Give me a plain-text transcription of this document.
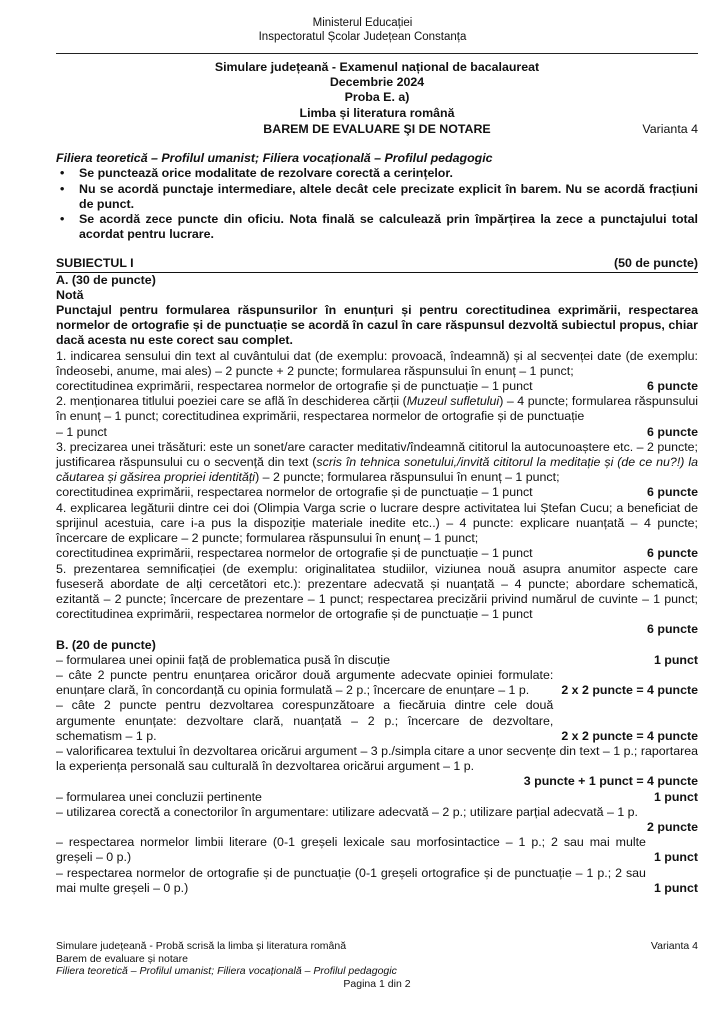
Ministerul Educației
Inspectoratul Școlar Județean Constanța
Simulare județeană - Examenul național de bacalaureat
Decembrie 2024
Proba E. a)
Limba și literatura română
Varianta 4
BAREM DE EVALUARE ŞI DE NOTARE
Filiera teoretică – Profilul umanist; Filiera vocațională – Profilul pedagogic
• Se punctează orice modalitate de rezolvare corectă a cerințelor.
• Nu se acordă punctaje intermediare, altele decât cele precizate explicit în barem. Nu se acordă fracțiuni de punct.
• Se acordă zece puncte din oficiu. Nota finală se calculează prin împărțirea la zece a punctajului total acordat pentru lucrare.
SUBIECTUL I	(50 de puncte)
A. (30 de puncte)
Notă
Punctajul pentru formularea răspunsurilor în enunțuri și pentru corectitudinea exprimării, respectarea normelor de ortografie și de punctuație se acordă în cazul în care răspunsul dezvoltă subiectul propus, chiar dacă acesta nu este corect sau complet.
1. indicarea sensului din text al cuvântului dat (de exemplu: provoacă, îndeamnă) și al secvenței date (de exemplu: îndeosebi, anume, mai ales) – 2 puncte + 2 puncte; formularea răspunsului în enunț – 1 punct;
corectitudinea exprimării, respectarea normelor de ortografie și de punctuație – 1 punct	6 puncte
2. menționarea titlului poeziei care se află în deschiderea cărții (Muzeul sufletului) – 4 puncte; formularea răspunsului în enunț – 1 punct; corectitudinea exprimării, respectarea normelor de ortografie și de punctuație
– 1 punct	6 puncte
3. precizarea unei trăsături: este un sonet/are caracter meditativ/îndeamnă cititorul la autocunoaștere etc. – 2 puncte; justificarea răspunsului cu o secvență din text (scris în tehnica sonetului,/invită cititorul la meditație și (de ce nu?!) la căutarea și găsirea propriei identități) – 2 puncte; formularea răspunsului în enunț – 1 punct;
corectitudinea exprimării, respectarea normelor de ortografie și de punctuație – 1 punct	6 puncte
4. explicarea legăturii dintre cei doi (Olimpia Varga scrie o lucrare despre activitatea lui Ștefan Cucu; a beneficiat de sprijinul acestuia, care i-a pus la dispoziție materiale inedite etc..) – 4 puncte: explicare nuanțată – 4 puncte; încercare de explicare – 2 puncte; formularea răspunsului în enunț – 1 punct;
corectitudinea exprimării, respectarea normelor de ortografie și de punctuație – 1 punct	6 puncte
5. prezentarea semnificației (de exemplu: originalitatea studiilor, viziunea nouă asupra anumitor aspecte care fuseseră abordate de alți cercetători etc.): prezentare adecvată și nuanțată – 4 puncte; abordare schematică, ezitantă – 2 puncte; încercare de prezentare – 1 punct; respectarea precizării privind numărul de cuvinte – 1 punct; corectitudinea exprimării, respectarea normelor de ortografie și de punctuație – 1 punct
6 puncte
B. (20 de puncte)
– formularea unei opinii față de problematica pusă în discuție	1 punct
– câte 2 puncte pentru enunțarea oricăror două argumente adecvate opiniei formulate: enunțare clară, în concordanță cu opinia formulată – 2 p.; încercare de enunțare – 1 p.	2 x 2 puncte = 4 puncte
– câte 2 puncte pentru dezvoltarea corespunzătoare a fiecăruia dintre cele două argumente enunțate: dezvoltare clară, nuanțată – 2 p.; încercare de dezvoltare, schematism – 1 p.	2 x 2 puncte = 4 puncte
– valorificarea textului în dezvoltarea oricărui argument – 3 p./simpla citare a unor secvențe din text – 1 p.; raportarea la experiența personală sau culturală în dezvoltarea oricărui argument – 1 p.
3 puncte + 1 punct = 4 puncte
– formularea unei concluzii pertinente	1 punct
– utilizarea corectă a conectorilor în argumentare: utilizare adecvată – 2 p.; utilizare parțial adecvată – 1 p.
2 puncte
– respectarea normelor limbii literare (0-1 greșeli lexicale sau morfosintactice – 1 p.; 2 sau mai multe greșeli – 0 p.)	1 punct
– respectarea normelor de ortografie și de punctuație (0-1 greșeli ortografice și de punctuație – 1 p.; 2 sau mai multe greșeli – 0 p.)	1 punct
Simulare județeană - Probă scrisă la limba și literatura română	Varianta 4
Barem de evaluare și notare
Filiera teoretică – Profilul umanist; Filiera vocațională – Profilul pedagogic
Pagina 1 din 2
